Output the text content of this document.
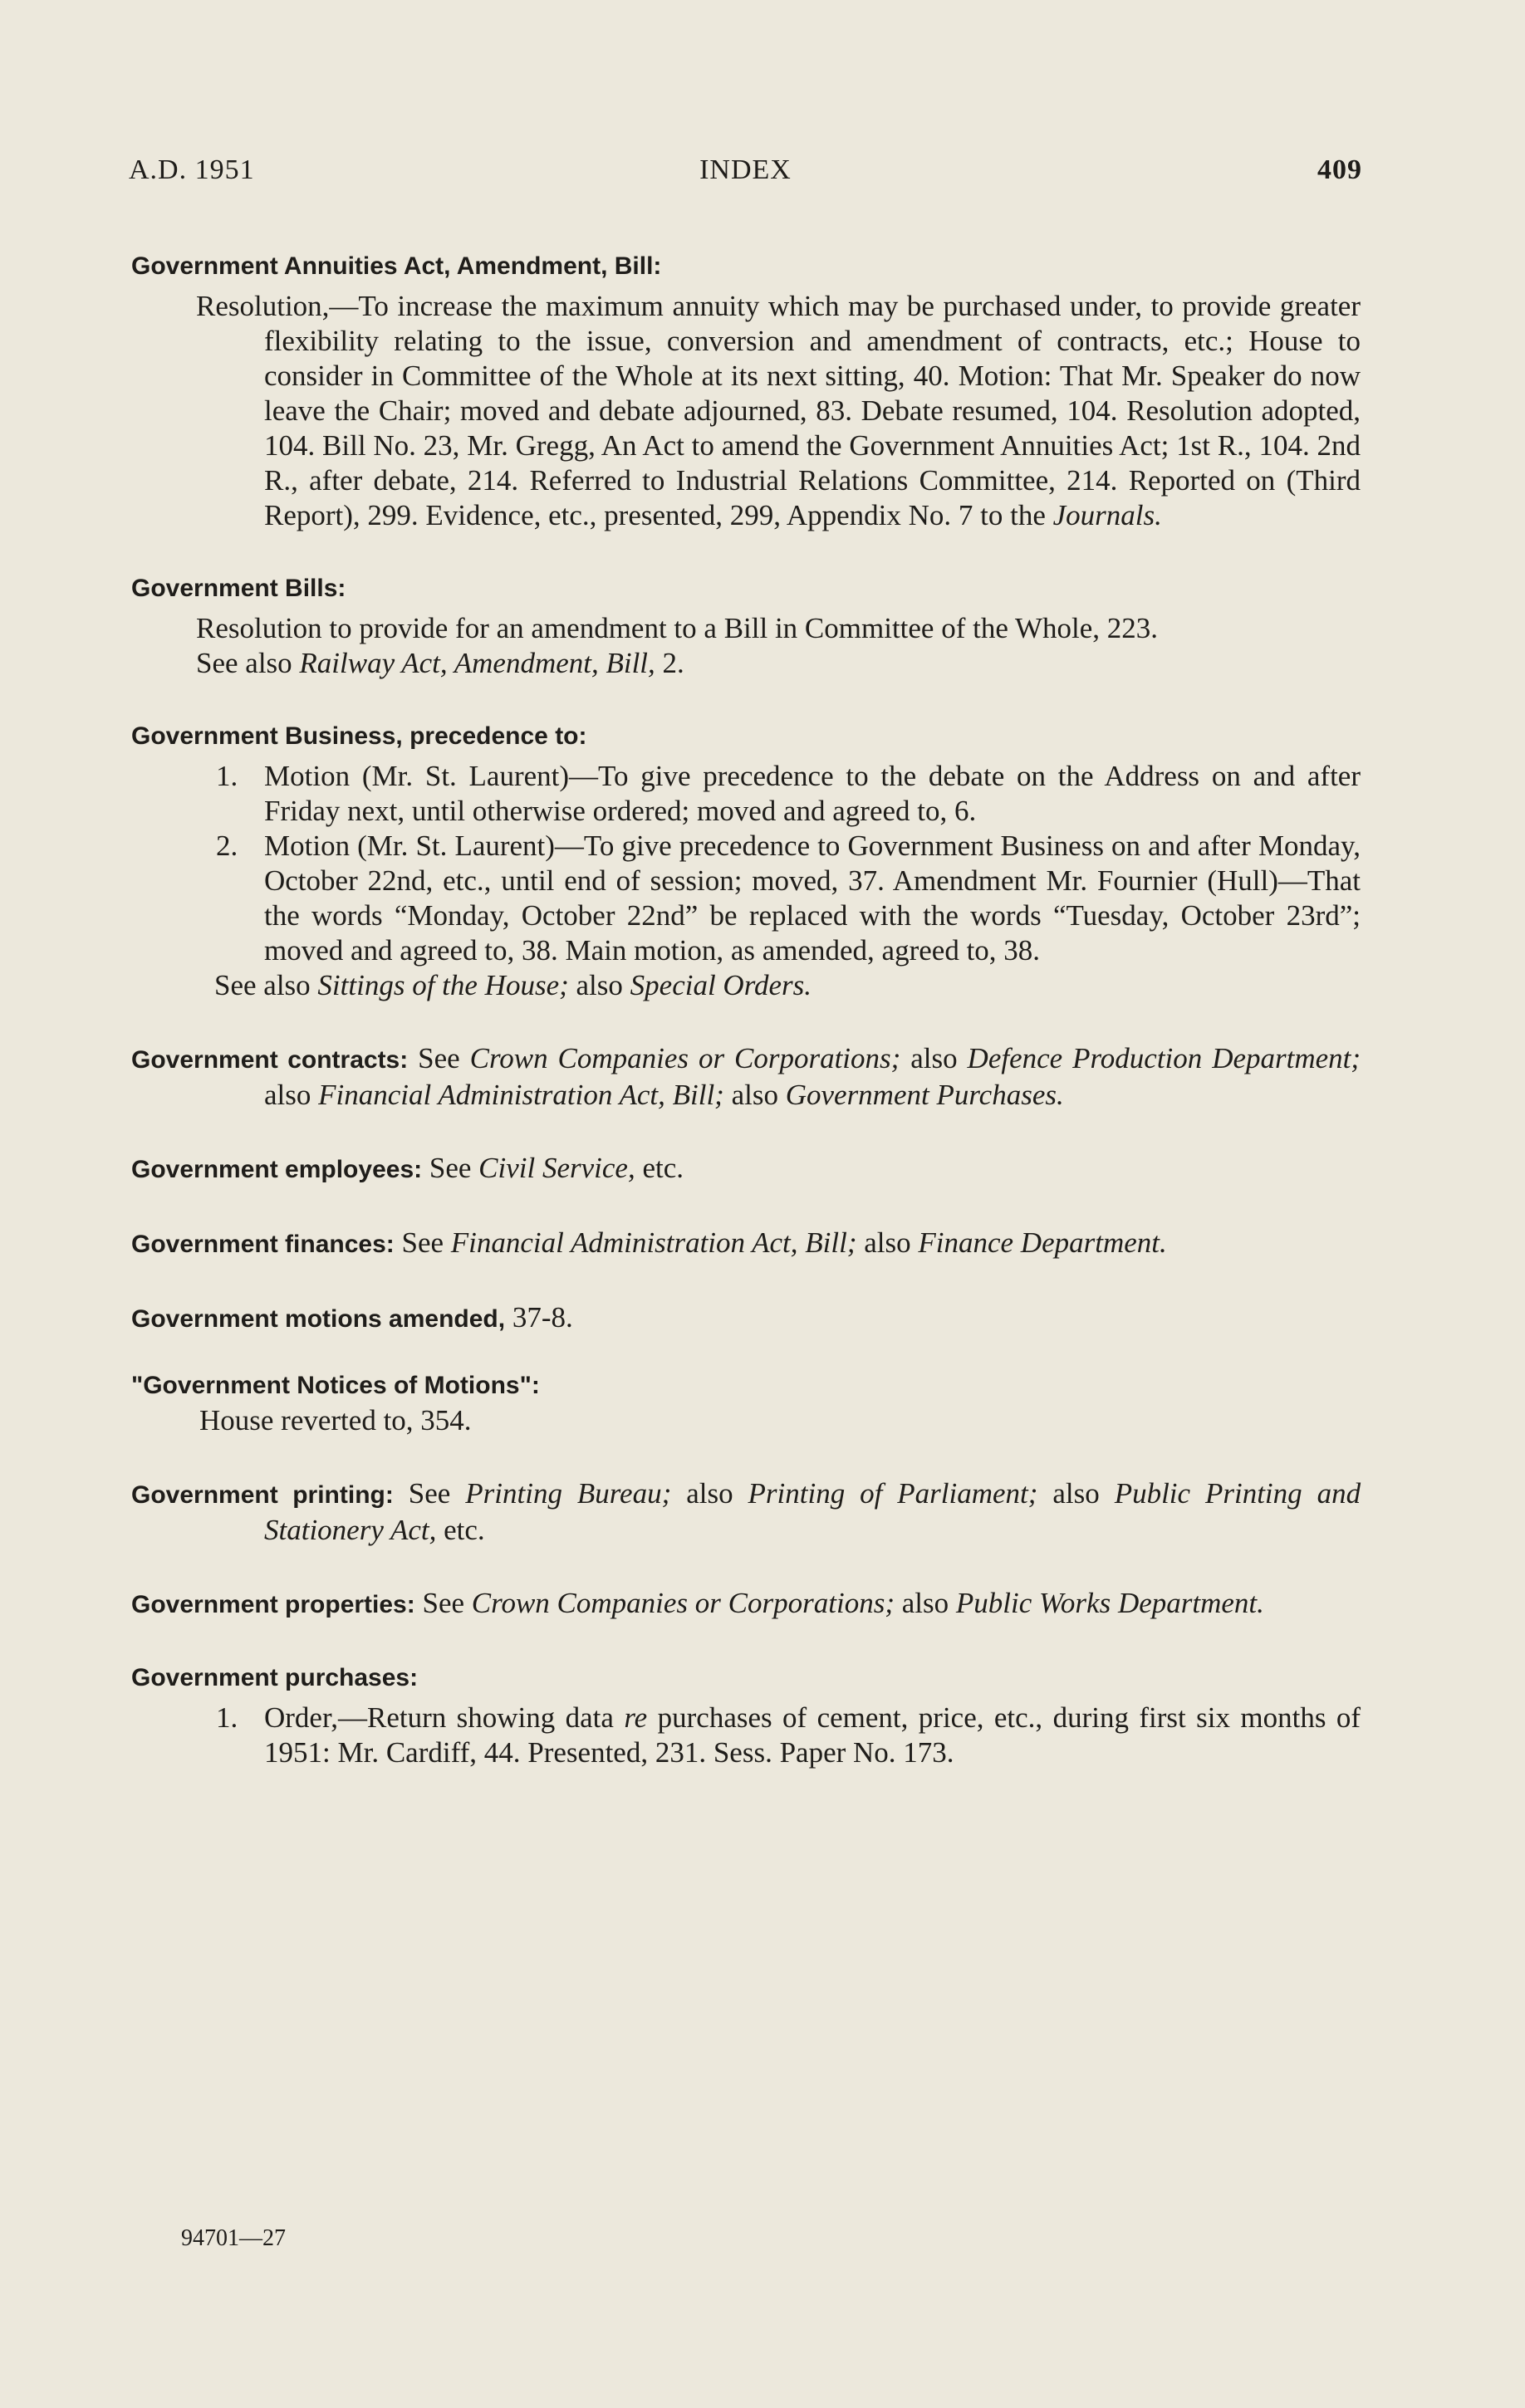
A.D. 1951	INDEX	409
Government Annuities Act, Amendment, Bill:
Resolution,—To increase the maximum annuity which may be purchased under, to provide greater flexibility relating to the issue, conversion and amendment of contracts, etc.; House to consider in Committee of the Whole at its next sitting, 40. Motion: That Mr. Speaker do now leave the Chair; moved and debate adjourned, 83. Debate resumed, 104. Resolution adopted, 104. Bill No. 23, Mr. Gregg, An Act to amend the Government Annuities Act; 1st R., 104. 2nd R., after debate, 214. Referred to Industrial Relations Committee, 214. Reported on (Third Report), 299. Evidence, etc., presented, 299, Appendix No. 7 to the Journals.
Government Bills:
Resolution to provide for an amendment to a Bill in Committee of the Whole, 223.
See also Railway Act, Amendment, Bill, 2.
Government Business, precedence to:
1. Motion (Mr. St. Laurent)—To give precedence to the debate on the Address on and after Friday next, until otherwise ordered; moved and agreed to, 6.
2. Motion (Mr. St. Laurent)—To give precedence to Government Business on and after Monday, October 22nd, etc., until end of session; moved, 37. Amendment Mr. Fournier (Hull)—That the words “Monday, October 22nd” be replaced with the words “Tuesday, October 23rd”; moved and agreed to, 38. Main motion, as amended, agreed to, 38.
See also Sittings of the House; also Special Orders.
Government contracts: See Crown Companies or Corporations; also Defence Production Department; also Financial Administration Act, Bill; also Government Purchases.
Government employees: See Civil Service, etc.
Government finances: See Financial Administration Act, Bill; also Finance Department.
Government motions amended, 37-8.
"Government Notices of Motions":
House reverted to, 354.
Government printing: See Printing Bureau; also Printing of Parliament; also Public Printing and Stationery Act, etc.
Government properties: See Crown Companies or Corporations; also Public Works Department.
Government purchases:
1. Order,—Return showing data re purchases of cement, price, etc., during first six months of 1951: Mr. Cardiff, 44. Presented, 231. Sess. Paper No. 173.
94701—27
